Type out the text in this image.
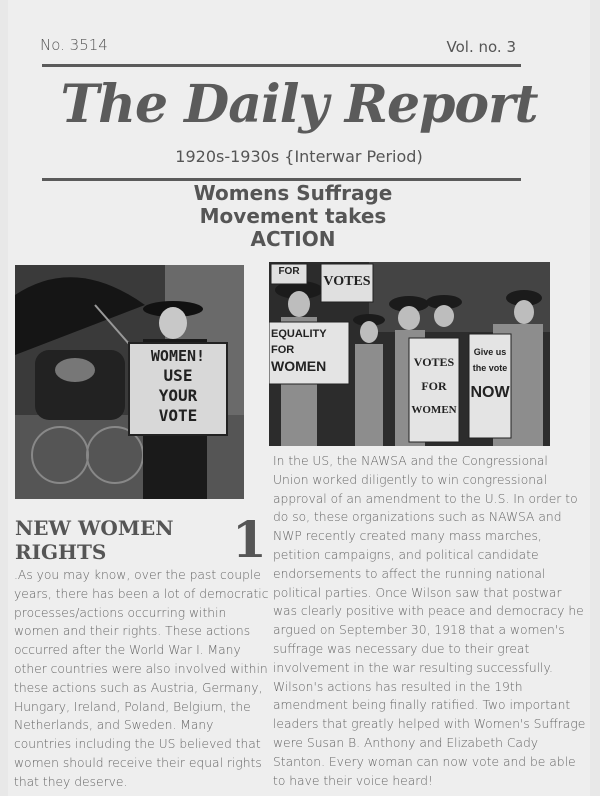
No. 3514	Vol. no. 3
The Daily Report
1920s-1930s {Interwar Period)
Womens Suffrage
Movement takes
ACTION
WOMEN!
USE
YOUR
VOTE
FOR
VOTES
EQUALITY
FOR
WOMEN	VOTES
FOR
WOMEN
Give us
the vote
NOW
NEW WOMEN RIGHTS	1
.As you may know, over the past couple years, there has been a lot of democratic processes/actions occurring within women and their rights. These actions occurred after the World War I. Many other countries were also involved within these actions such as Austria, Germany, Hungary, Ireland, Poland, Belgium, the Netherlands, and Sweden. Many countries including the US believed that women should receive their equal rights that they deserve.
In the US, the NAWSA and the Congressional Union worked diligently to win congressional approval of an amendment to the U.S. In order to do so, these organizations such as NAWSA and NWP recently created many mass marches, petition campaigns, and political candidate endorsements to affect the running national political parties. Once Wilson saw that postwar was clearly positive with peace and democracy he argued on September 30, 1918 that a women's suffrage was necessary due to their great involvement in the war resulting successfully. Wilson's actions has resulted in the 19th amendment being finally ratified. Two important leaders that greatly helped with Women's Suffrage were Susan B. Anthony and Elizabeth Cady Stanton. Every woman can now vote and be able to have their voice heard!
